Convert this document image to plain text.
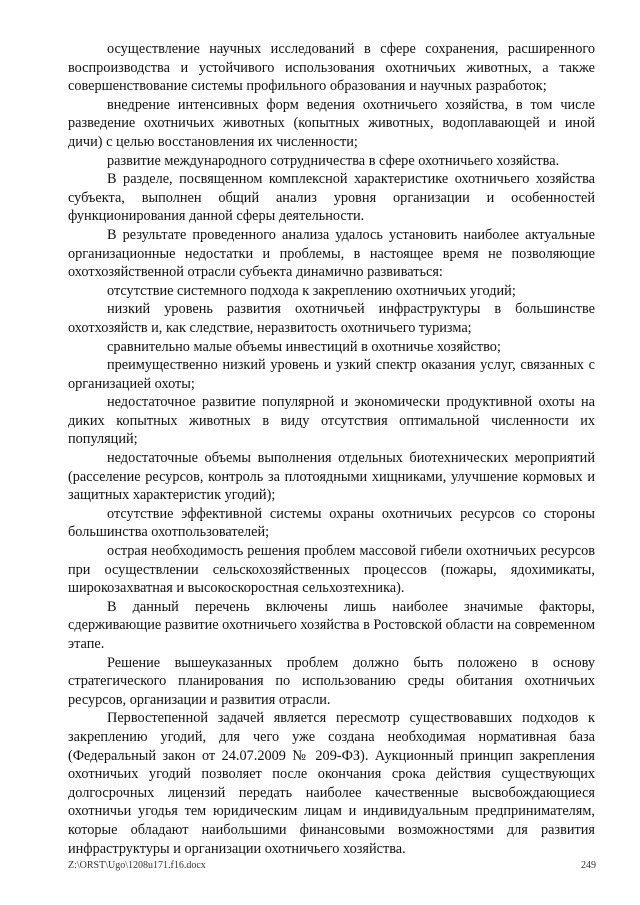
осуществление научных исследований в сфере сохранения, расширенного воспроизводства и устойчивого использования охотничьих животных, а также совершенствование системы профильного образования и научных разработок;

внедрение интенсивных форм ведения охотничьего хозяйства, в том числе разведение охотничьих животных (копытных животных, водоплавающей и иной дичи) с целью восстановления их численности;

развитие международного сотрудничества в сфере охотничьего хозяйства.

В разделе, посвященном комплексной характеристике охотничьего хозяйства субъекта, выполнен общий анализ уровня организации и особенностей функционирования данной сферы деятельности.

В результате проведенного анализа удалось установить наиболее актуальные организационные недостатки и проблемы, в настоящее время не позволяющие охотхозяйственной отрасли субъекта динамично развиваться:

отсутствие системного подхода к закреплению охотничьих угодий;

низкий уровень развития охотничьей инфраструктуры в большинстве охотхозяйств и, как следствие, неразвитость охотничьего туризма;

сравнительно малые объемы инвестиций в охотничье хозяйство;

преимущественно низкий уровень и узкий спектр оказания услуг, связанных с организацией охоты;

недостаточное развитие популярной и экономически продуктивной охоты на диких копытных животных в виду отсутствия оптимальной численности их популяций;

недостаточные объемы выполнения отдельных биотехнических мероприятий (расселение ресурсов, контроль за плотоядными хищниками, улучшение кормовых и защитных характеристик угодий);

отсутствие эффективной системы охраны охотничьих ресурсов со стороны большинства охотпользователей;

острая необходимость решения проблем массовой гибели охотничьих ресурсов при осуществлении сельскохозяйственных процессов (пожары, ядохимикаты, широкозахватная и высокоскоростная сельхозтехника).

В данный перечень включены лишь наиболее значимые факторы, сдерживающие развитие охотничьего хозяйства в Ростовской области на современном этапе.

Решение вышеуказанных проблем должно быть положено в основу стратегического планирования по использованию среды обитания охотничьих ресурсов, организации и развития отрасли.

Первостепенной задачей является пересмотр существовавших подходов к закреплению угодий, для чего уже создана необходимая нормативная база (Федеральный закон от 24.07.2009 № 209-ФЗ). Аукционный принцип закрепления охотничьих угодий позволяет после окончания срока действия существующих долгосрочных лицензий передать наиболее качественные высвобождающиеся охотничьи угодья тем юридическим лицам и индивидуальным предпринимателям, которые обладают наибольшими финансовыми возможностями для развития инфраструктуры и организации охотничьего хозяйства.

Z:\ORST\Ugo\1208u171.f16.docx	249
